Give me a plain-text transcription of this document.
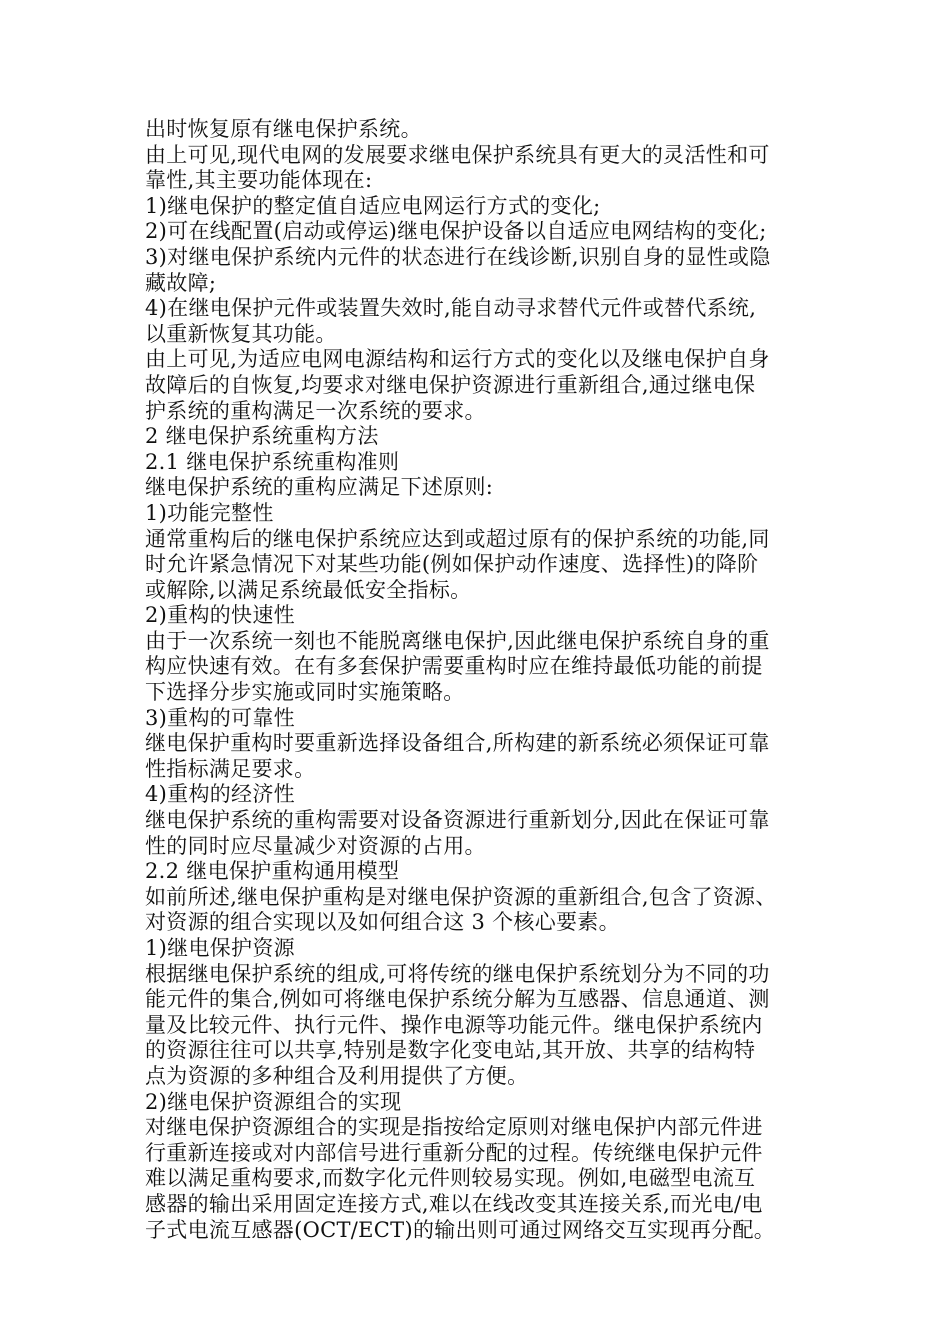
出时恢复原有继电保护系统。
由上可见,现代电网的发展要求继电保护系统具有更大的灵活性和可
靠性,其主要功能体现在:
1)继电保护的整定值自适应电网运行方式的变化;
2)可在线配置(启动或停运)继电保护设备以自适应电网结构的变化;
3)对继电保护系统内元件的状态进行在线诊断,识别自身的显性或隐
藏故障;
4)在继电保护元件或装置失效时,能自动寻求替代元件或替代系统,
以重新恢复其功能。
由上可见,为适应电网电源结构和运行方式的变化以及继电保护自身
故障后的自恢复,均要求对继电保护资源进行重新组合,通过继电保
护系统的重构满足一次系统的要求。
2 继电保护系统重构方法
2.1 继电保护系统重构准则
继电保护系统的重构应满足下述原则:
1)功能完整性
通常重构后的继电保护系统应达到或超过原有的保护系统的功能,同
时允许紧急情况下对某些功能(例如保护动作速度、选择性)的降阶
或解除,以满足系统最低安全指标。
2)重构的快速性
由于一次系统一刻也不能脱离继电保护,因此继电保护系统自身的重
构应快速有效。在有多套保护需要重构时应在维持最低功能的前提
下选择分步实施或同时实施策略。
3)重构的可靠性
继电保护重构时要重新选择设备组合,所构建的新系统必须保证可靠
性指标满足要求。
4)重构的经济性
继电保护系统的重构需要对设备资源进行重新划分,因此在保证可靠
性的同时应尽量减少对资源的占用。
2.2 继电保护重构通用模型
如前所述,继电保护重构是对继电保护资源的重新组合,包含了资源、
对资源的组合实现以及如何组合这 3 个核心要素。
1)继电保护资源
根据继电保护系统的组成,可将传统的继电保护系统划分为不同的功
能元件的集合,例如可将继电保护系统分解为互感器、信息通道、测
量及比较元件、执行元件、操作电源等功能元件。继电保护系统内
的资源往往可以共享,特别是数字化变电站,其开放、共享的结构特
点为资源的多种组合及利用提供了方便。
2)继电保护资源组合的实现
对继电保护资源组合的实现是指按给定原则对继电保护内部元件进
行重新连接或对内部信号进行重新分配的过程。传统继电保护元件
难以满足重构要求,而数字化元件则较易实现。例如,电磁型电流互
感器的输出采用固定连接方式,难以在线改变其连接关系,而光电/电
子式电流互感器(OCT/ECT)的输出则可通过网络交互实现再分配。
